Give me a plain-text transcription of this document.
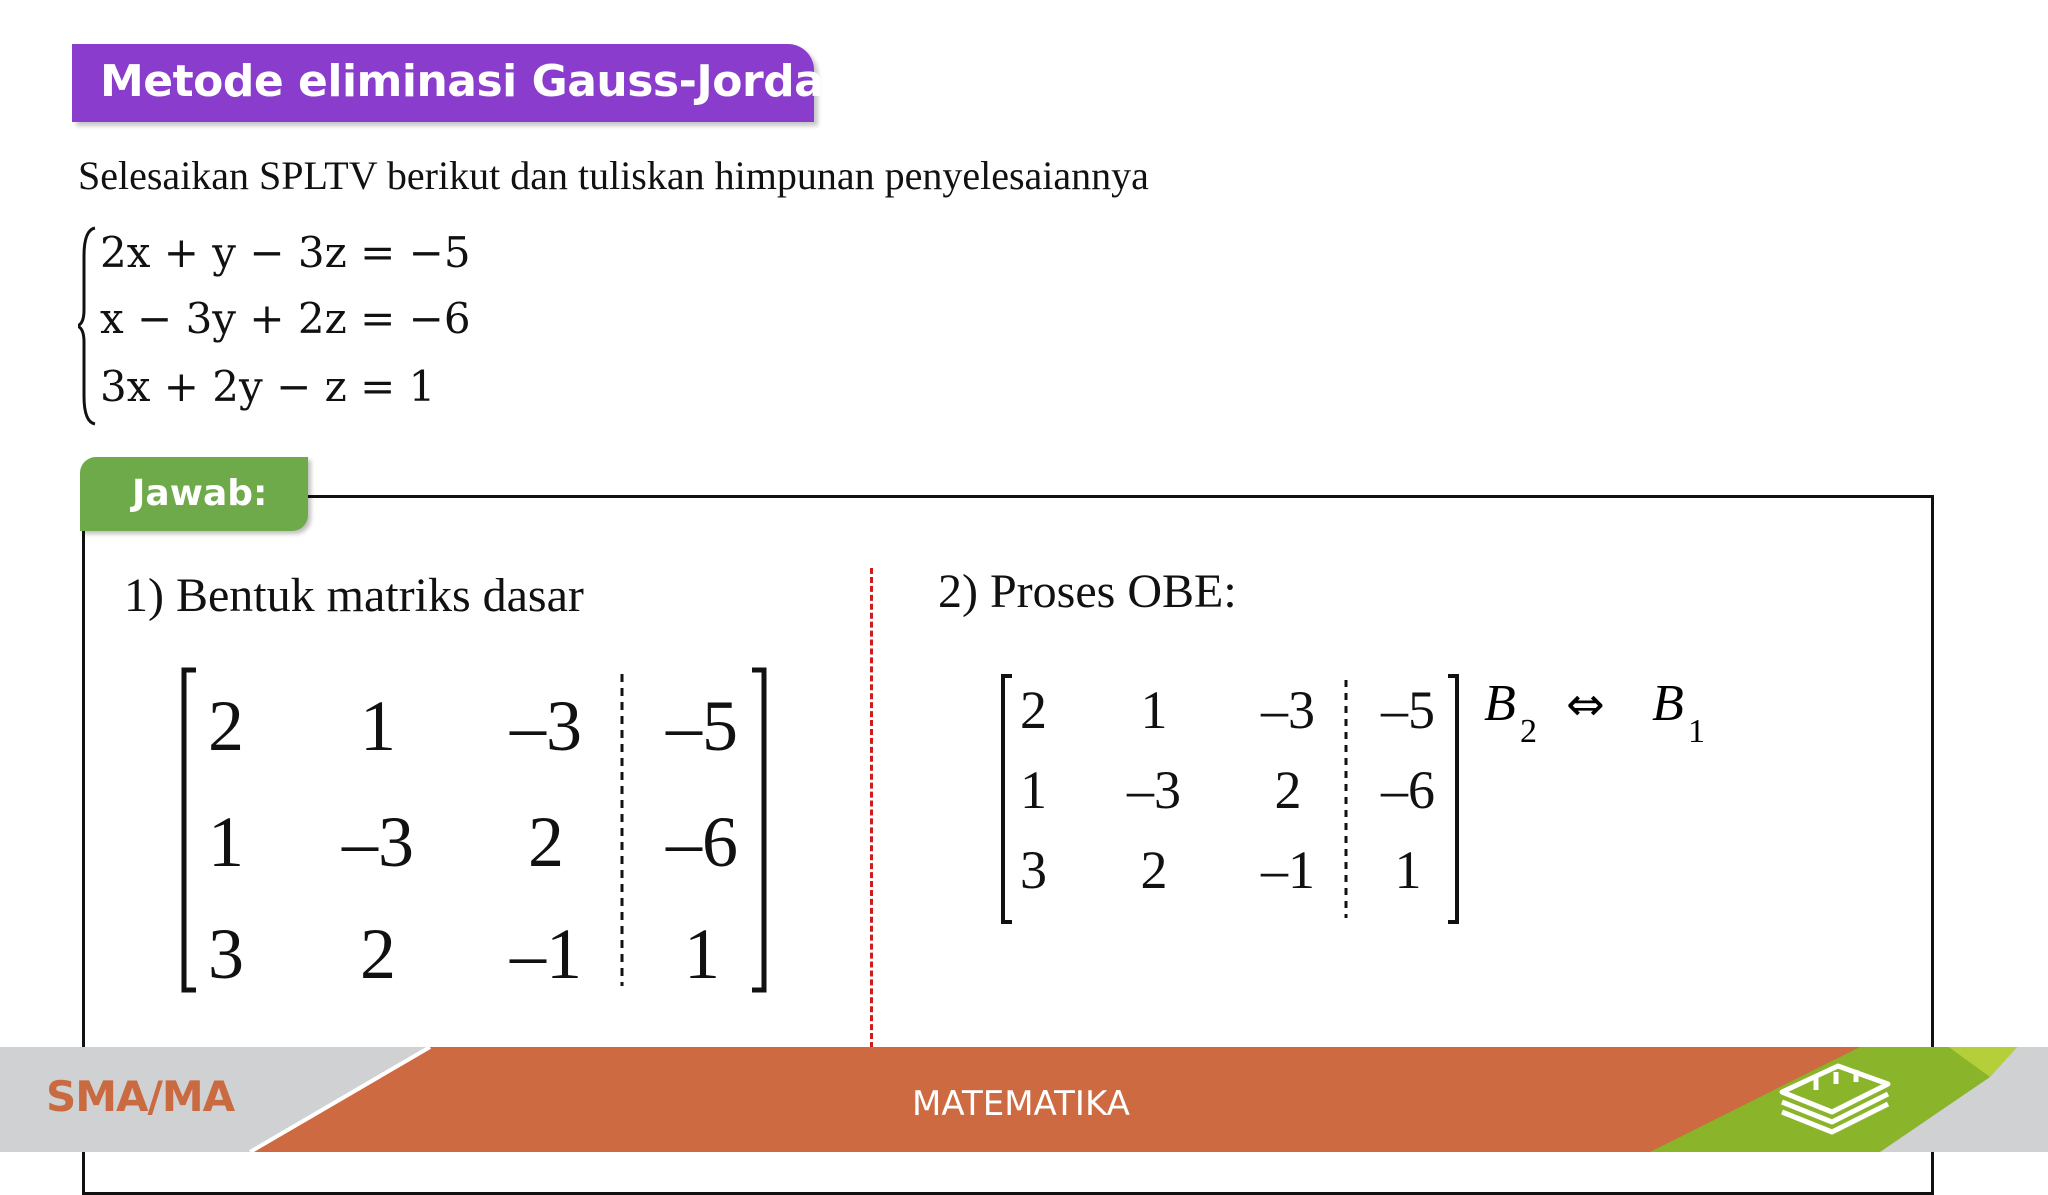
Metode eliminasi Gauss-Jordan
Selesaikan SPLTV berikut dan tuliskan himpunan penyelesaiannya
2x + y − 3z = −5
x − 3y + 2z = −6
3x + 2y − z = 1
Jawab:
1) Bentuk matriks dasar	2) Proses OBE:
2 1 –3 –5
1 –3 2 –6
3 2 –1 1
2 1 –3 –5
1 –3 2 –6
3 2 –1 1
B 2
⇔ B 1
SMA/MA	MATEMATIKA
